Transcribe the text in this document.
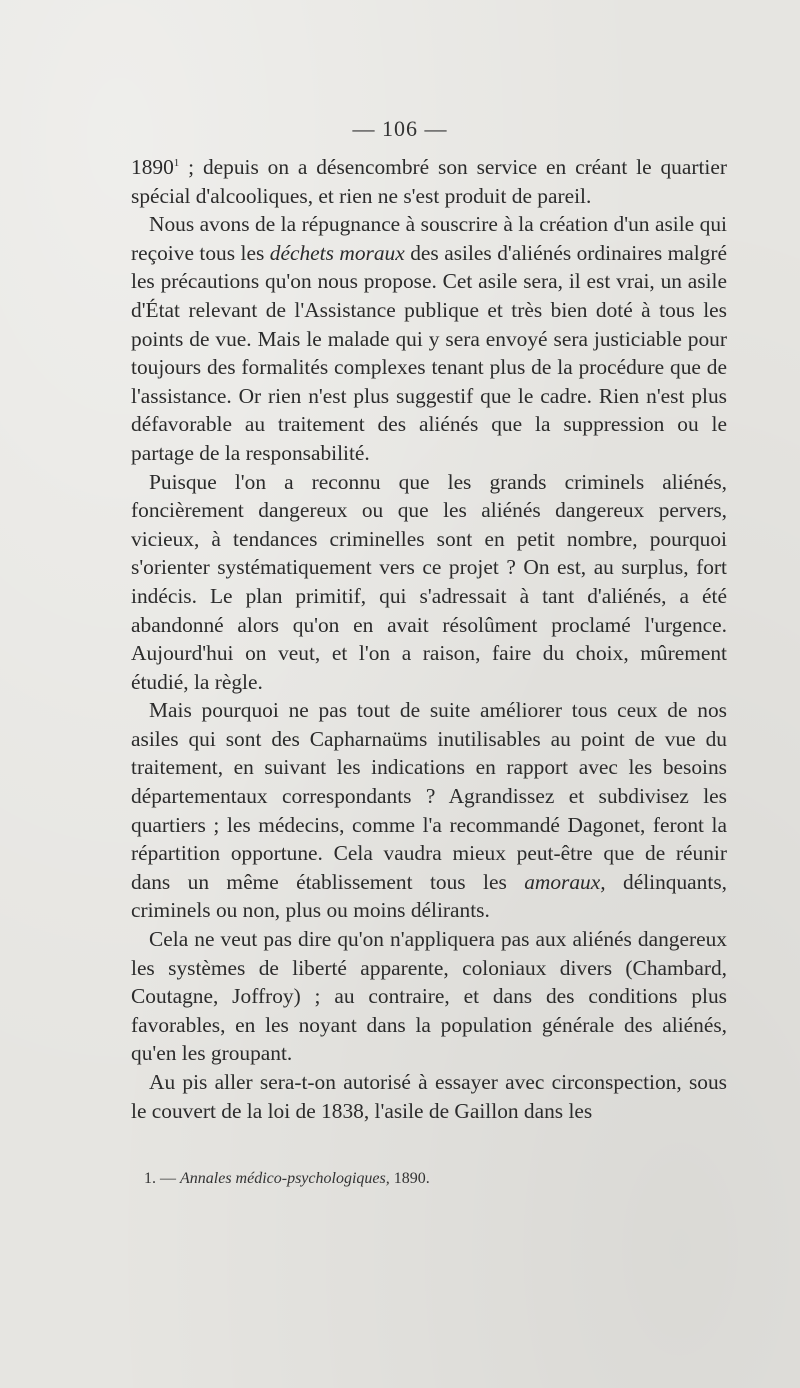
— 106 —

1890$^1$ ; depuis on a désencombré son service en créant le quartier spécial d'alcooliques, et rien ne s'est produit de pareil.

Nous avons de la répugnance à souscrire à la création d'un asile qui reçoive tous les déchets moraux des asiles d'aliénés ordinaires malgré les précautions qu'on nous propose. Cet asile sera, il est vrai, un asile d'État relevant de l'Assistance publique et très bien doté à tous les points de vue. Mais le malade qui y sera envoyé sera justiciable pour toujours des formalités complexes tenant plus de la procédure que de l'assistance. Or rien n'est plus suggestif que le cadre. Rien n'est plus défavorable au traitement des aliénés que la suppression ou le partage de la responsabilité.

Puisque l'on a reconnu que les grands criminels aliénés, foncièrement dangereux ou que les aliénés dangereux pervers, vicieux, à tendances criminelles sont en petit nombre, pourquoi s'orienter systématiquement vers ce projet ? On est, au surplus, fort indécis. Le plan primitif, qui s'adressait à tant d'aliénés, a été abandonné alors qu'on en avait résolûment proclamé l'urgence. Aujourd'hui on veut, et l'on a raison, faire du choix, mûrement étudié, la règle.

Mais pourquoi ne pas tout de suite améliorer tous ceux de nos asiles qui sont des Capharnaüms inutilisables au point de vue du traitement, en suivant les indications en rapport avec les besoins départementaux correspondants ? Agrandissez et subdivisez les quartiers ; les médecins, comme l'a recommandé Dagonet, feront la répartition opportune. Cela vaudra mieux peut-être que de réunir dans un même établissement tous les amoraux, délinquants, criminels ou non, plus ou moins délirants.

Cela ne veut pas dire qu'on n'appliquera pas aux aliénés dangereux les systèmes de liberté apparente, coloniaux divers (Chambard, Coutagne, Joffroy) ; au contraire, et dans des conditions plus favorables, en les noyant dans la population générale des aliénés, qu'en les groupant.

Au pis aller sera-t-on autorisé à essayer avec circonspection, sous le couvert de la loi de 1838, l'asile de Gaillon dans les

1. — Annales médico-psychologiques, 1890.
